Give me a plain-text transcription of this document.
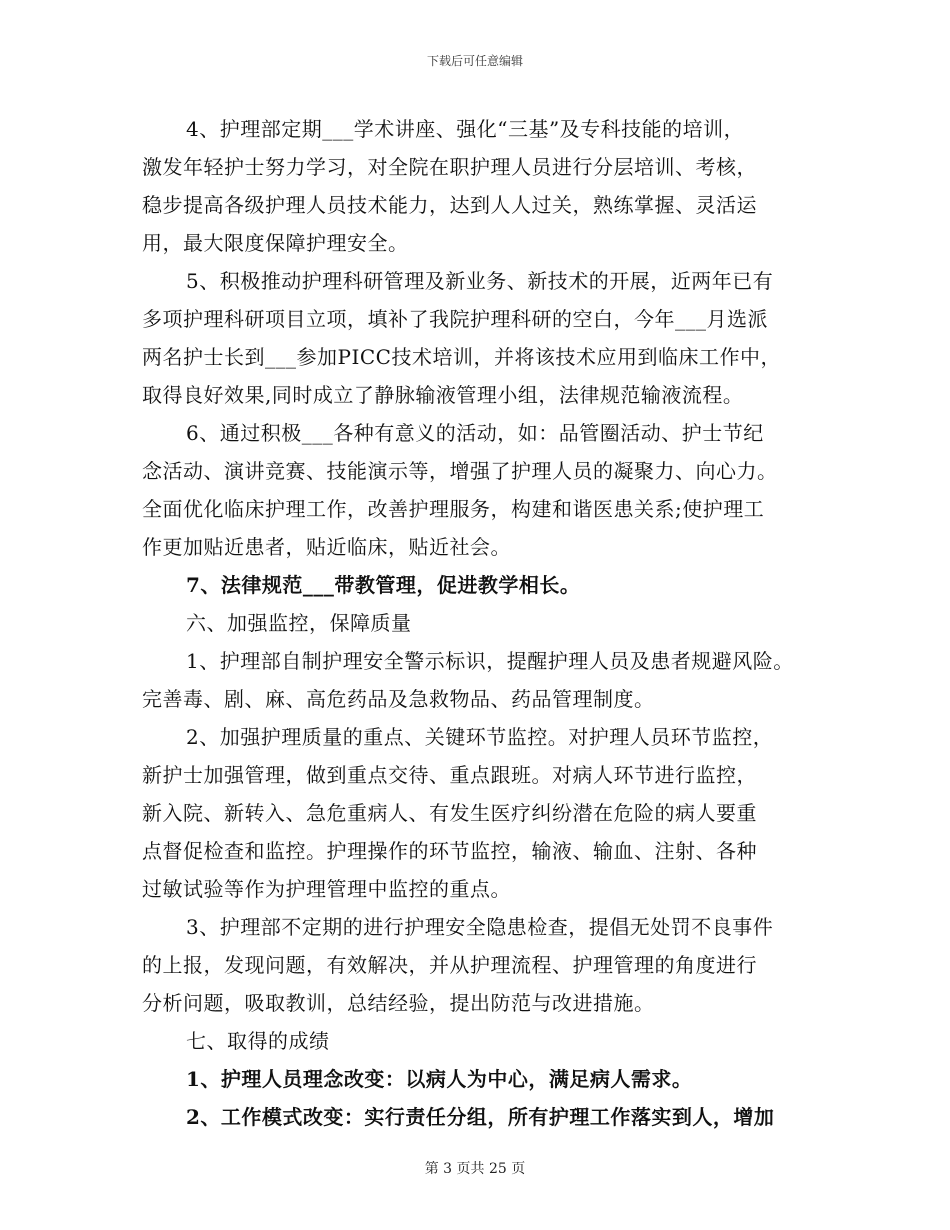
下载后可任意编辑
4、护理部定期___学术讲座、强化“三基”及专科技能的培训，
激发年轻护士努力学习，对全院在职护理人员进行分层培训、考核，
稳步提高各级护理人员技术能力，达到人人过关，熟练掌握、灵活运
用，最大限度保障护理安全。
5、积极推动护理科研管理及新业务、新技术的开展，近两年已有
多项护理科研项目立项，填补了我院护理科研的空白，今年___月选派
两名护士长到___参加PICC技术培训，并将该技术应用到临床工作中，
取得良好效果,同时成立了静脉输液管理小组，法律规范输液流程。
6、通过积极___各种有意义的活动，如：品管圈活动、护士节纪
念活动、演讲竞赛、技能演示等，增强了护理人员的凝聚力、向心力。
全面优化临床护理工作，改善护理服务，构建和谐医患关系;使护理工
作更加贴近患者，贴近临床，贴近社会。
7、法律规范___带教管理，促进教学相长。
六、加强监控，保障质量
1、护理部自制护理安全警示标识，提醒护理人员及患者规避风险。
完善毒、剧、麻、高危药品及急救物品、药品管理制度。
2、加强护理质量的重点、关键环节监控。对护理人员环节监控，
新护士加强管理，做到重点交待、重点跟班。对病人环节进行监控，
新入院、新转入、急危重病人、有发生医疗纠纷潜在危险的病人要重
点督促检查和监控。护理操作的环节监控，输液、输血、注射、各种
过敏试验等作为护理管理中监控的重点。
3、护理部不定期的进行护理安全隐患检查，提倡无处罚不良事件
的上报，发现问题，有效解决，并从护理流程、护理管理的角度进行
分析问题，吸取教训，总结经验，提出防范与改进措施。
七、取得的成绩
1、护理人员理念改变：以病人为中心，满足病人需求。
2、工作模式改变：实行责任分组，所有护理工作落实到人，增加
第 3 页共 25 页
